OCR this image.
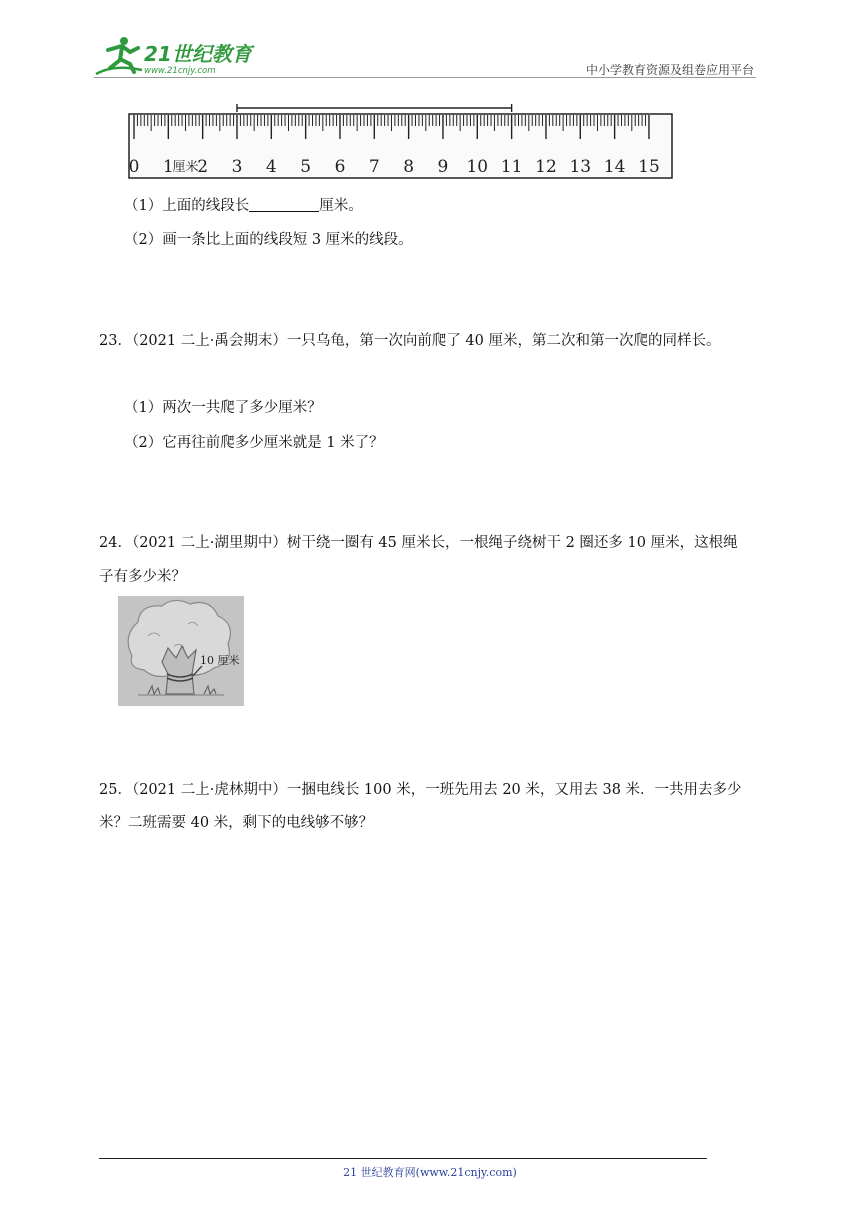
21世纪教育
www.21cnjy.com	中小学教育资源及组卷应用平台
0 1 2 3 4 5 6 7 8 9 10 11 12 13 14 15
厘米
（1）上面的线段长	厘米。
（2）画一条比上面的线段短 3 厘米的线段。
23．（2021 二上·禹会期末）一只乌龟，第一次向前爬了 40 厘米，第二次和第一次爬的同样长。
（1）两次一共爬了多少厘米？
（2）它再往前爬多少厘米就是 1 米了？
24．（2021 二上·湖里期中）树干绕一圈有 45 厘米长，一根绳子绕树干 2 圈还多 10 厘米，这根绳
子有多少米？
10 厘米
25．（2021 二上·虎林期中）一捆电线长 100 米，一班先用去 20 米，又用去 38 米．一共用去多少
米？二班需要 40 米，剩下的电线够不够？
21 世纪教育网(www.21cnjy.com)
